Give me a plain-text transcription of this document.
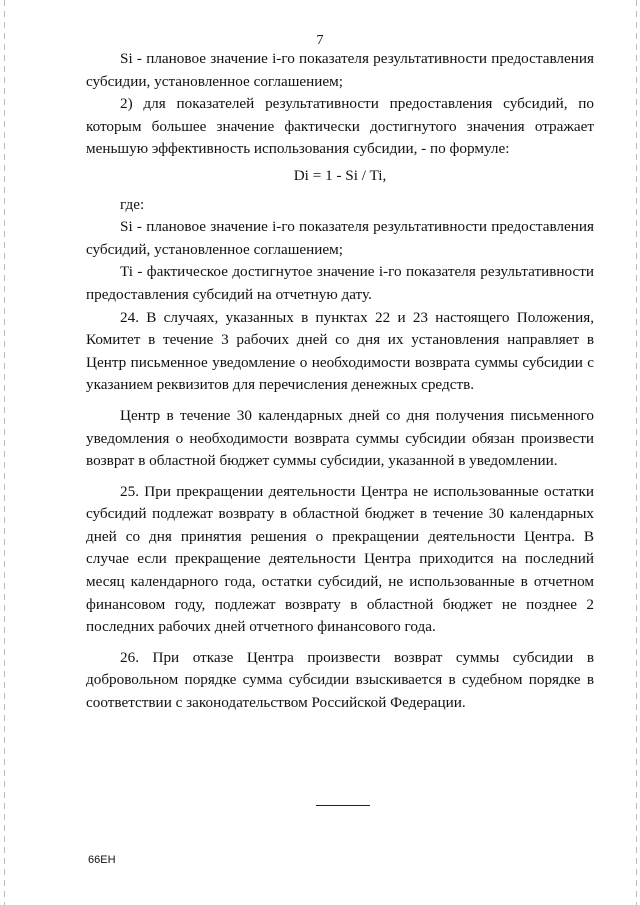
7

Si - плановое значение i-го показателя результативности предоставления субсидии, установленное соглашением;

2) для показателей результативности предоставления субсидий, по которым большее значение фактически достигнутого значения отражает меньшую эффективность использования субсидии, - по формуле:

Di = 1 - Si / Ti,

где:

Si - плановое значение i-го показателя результативности предоставления субсидий, установленное соглашением;

Ti - фактическое достигнутое значение i-го показателя результативности предоставления субсидий на отчетную дату.

24. В случаях, указанных в пунктах 22 и 23 настоящего Положения, Комитет в течение 3 рабочих дней со дня их установления направляет в Центр письменное уведомление о необходимости возврата суммы субсидии с указанием реквизитов для перечисления денежных средств.

Центр в течение 30 календарных дней со дня получения письменного уведомления о необходимости возврата суммы субсидии обязан произвести возврат в областной бюджет суммы субсидии, указанной в уведомлении.

25. При прекращении деятельности Центра не использованные остатки субсидий подлежат возврату в областной бюджет в течение 30 календарных дней со дня принятия решения о прекращении деятельности Центра. В случае если прекращение деятельности Центра приходится на последний месяц календарного года, остатки субсидий, не использованные в отчетном финансовом году, подлежат возврату в областной бюджет не позднее 2 последних рабочих дней отчетного финансового года.

26. При отказе Центра произвести возврат суммы субсидии в добровольном порядке сумма субсидии взыскивается в судебном порядке в соответствии с законодательством Российской Федерации.

66ЕН
